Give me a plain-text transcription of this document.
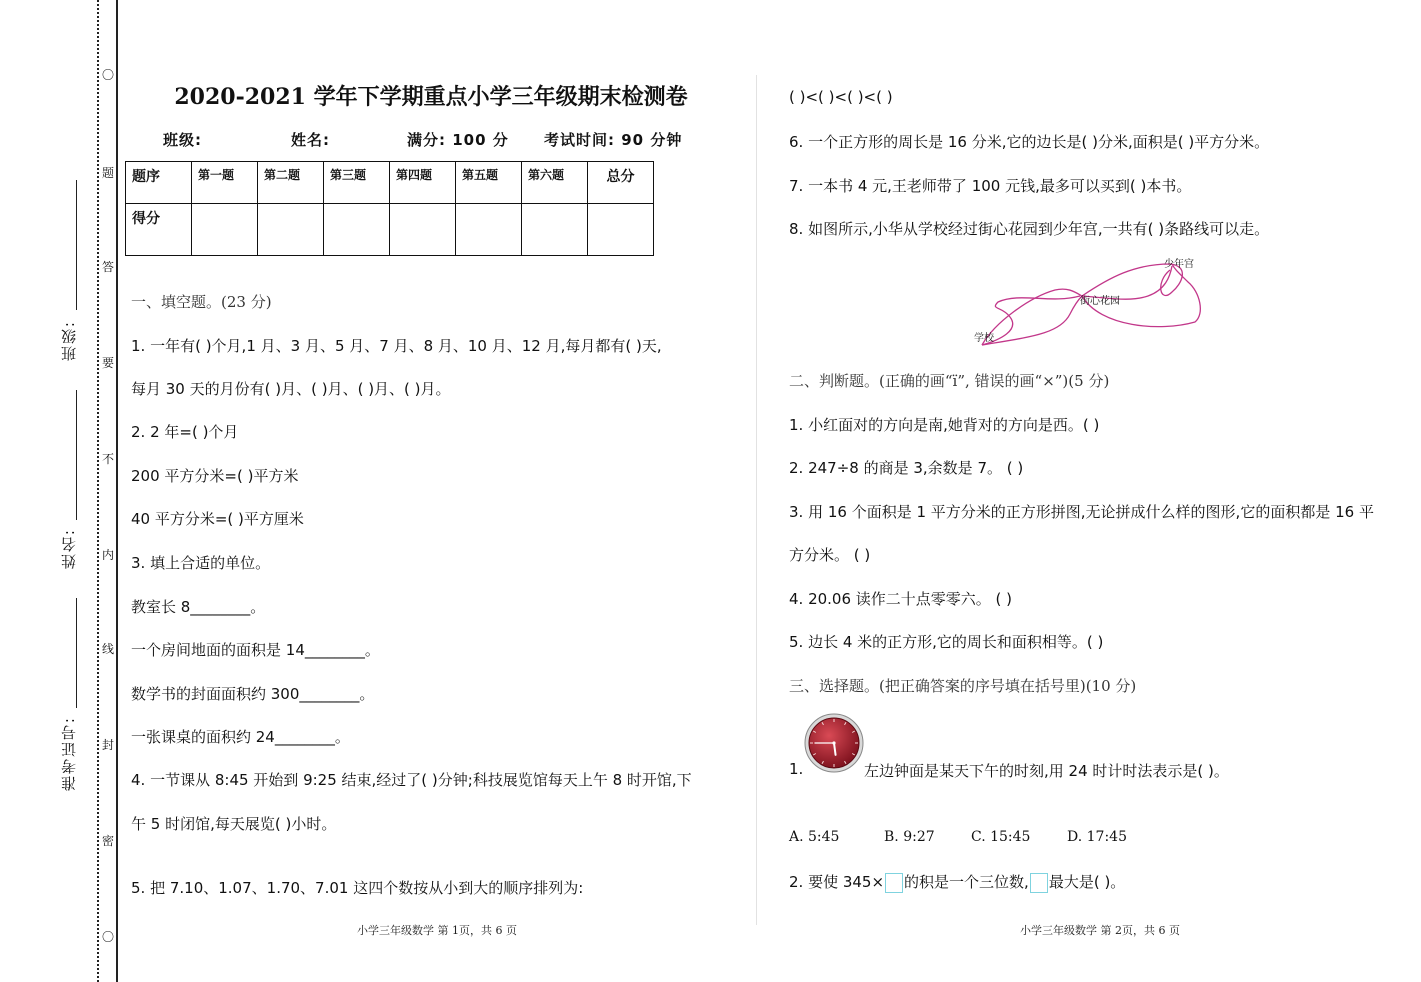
〇
题
答
要
不
内
线
封
密
〇
班级:
姓名:
准考证号:
2020-2021 学年下学期重点小学三年级期末检测卷
班级:	姓名:	满分: 100 分 考试时间: 90 分钟
题序	第一题	第二题	第三题	第四题	第五题	第六题	总分
得分							
一、填空题。(23 分)
1. 一年有( )个月,1 月、3 月、5 月、7 月、8 月、10 月、12 月,每月都有( )天,
每月 30 天的月份有( )月、( )月、( )月、( )月。
2. 2 年=( )个月
200 平方分米=( )平方米
40 平方分米=( )平方厘米
3. 填上合适的单位。
教室长 8________。
一个房间地面的面积是 14________。
数学书的封面面积约 300________。
一张课桌的面积约 24________。
4. 一节课从 8:45 开始到 9:25 结束,经过了( )分钟;科技展览馆每天上午 8 时开馆,下
午 5 时闭馆,每天展览( )小时。
5. 把 7.10、1.07、1.70、7.01 这四个数按从小到大的顺序排列为:
小学三年级数学 第 1页，共 6 页
( )<( )<( )<( )
6. 一个正方形的周长是 16 分米,它的边长是( )分米,面积是( )平方分米。
7. 一本书 4 元,王老师带了 100 元钱,最多可以买到( )本书。
8. 如图所示,小华从学校经过街心花园到少年宫,一共有( )条路线可以走。
学校
街心花园
少年宫
二、判断题。(正确的画“ï”, 错误的画“×”)(5 分)
1. 小红面对的方向是南,她背对的方向是西。( )
2. 247÷8 的商是 3,余数是 7。 ( )
3. 用 16 个面积是 1 平方分米的正方形拼图,无论拼成什么样的图形,它的面积都是 16 平
方分米。 ( )
4. 20.06 读作二十点零零六。 ( )
5. 边长 4 米的正方形,它的周长和面积相等。( )
三、选择题。(把正确答案的序号填在括号里)(10 分)
1.	左边钟面是某天下午的时刻,用 24 时计时法表示是( )。
A. 5:45	B. 9:27	C. 15:45	D. 17:45
2. 要使 345× 的积是一个三位数, 最大是( )。
小学三年级数学 第 2页，共 6 页
